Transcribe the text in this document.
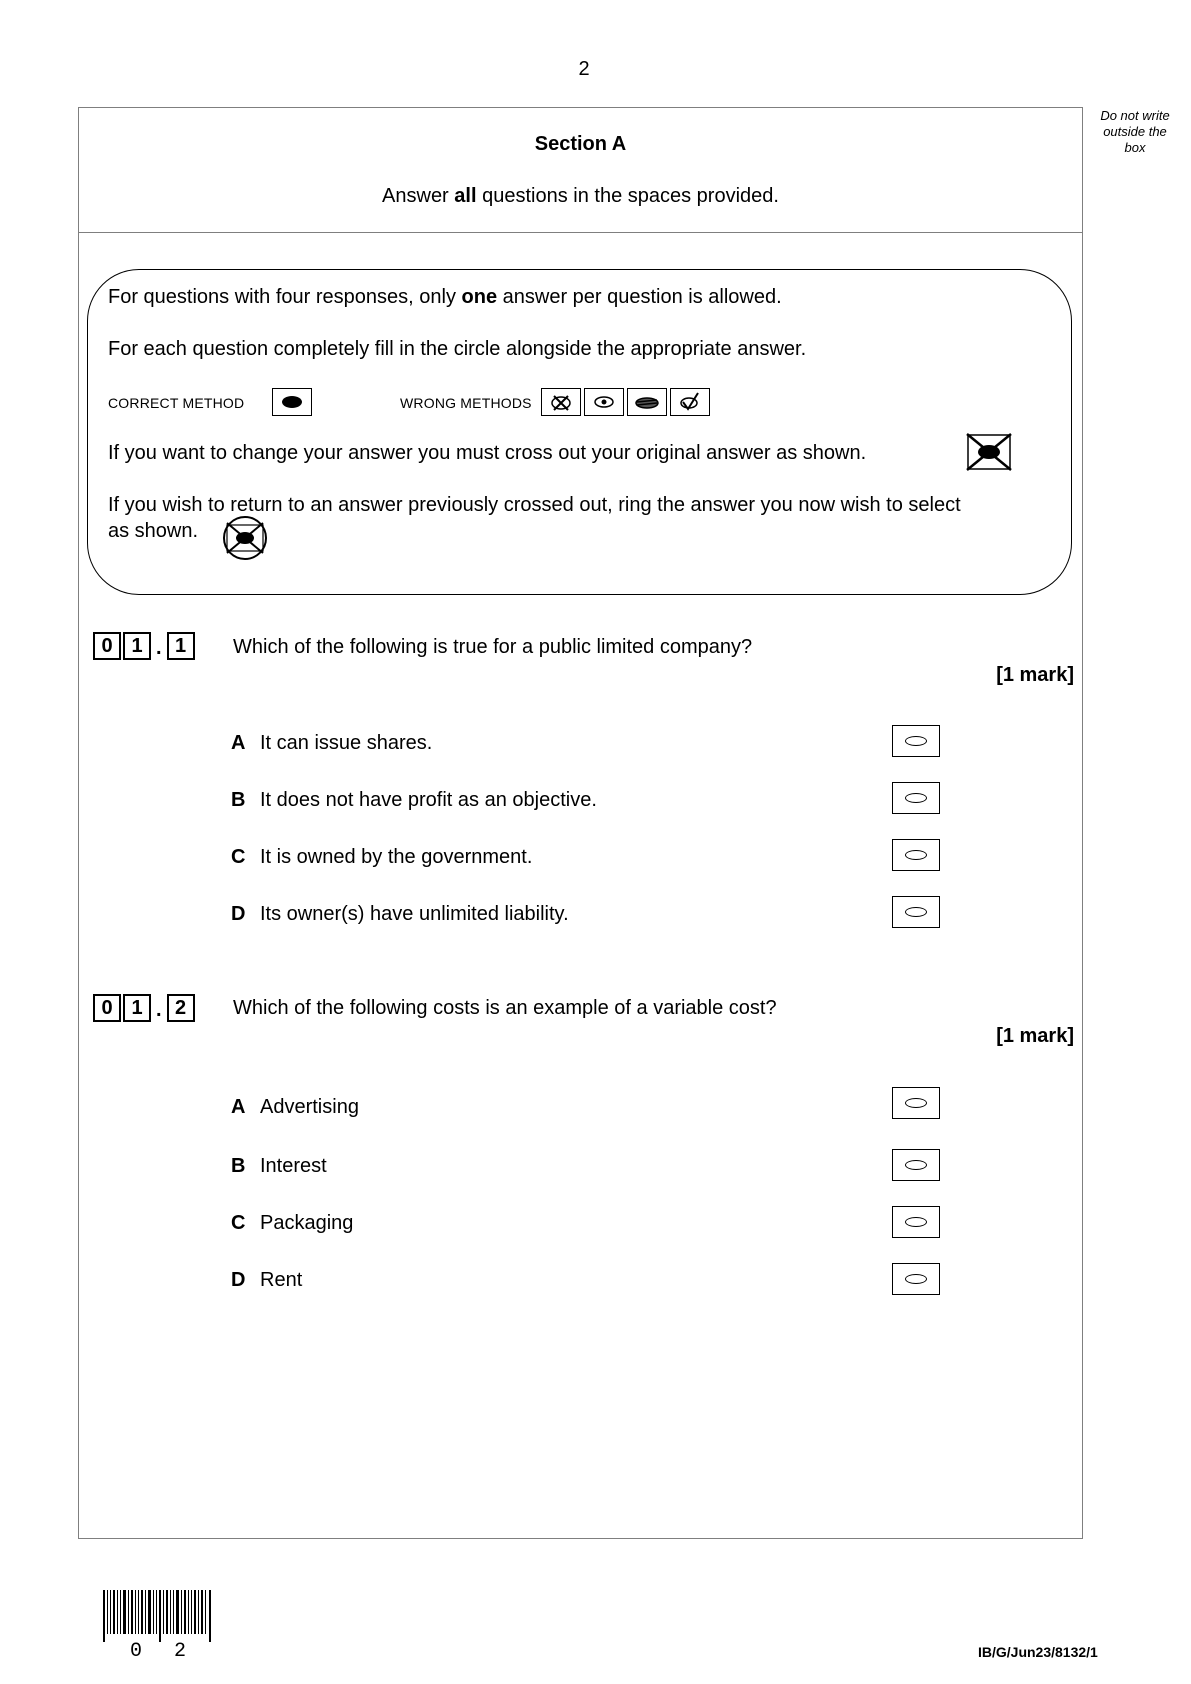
2
Do not write
outside the
box
Section A
Answer all questions in the spaces provided.
For questions with four responses, only one answer per question is allowed.
For each question completely fill in the circle alongside the appropriate answer.
CORRECT METHOD	WRONG METHODS
If you want to change your answer you must cross out your original answer as shown.
If you wish to return to an answer previously crossed out, ring the answer you now wish to select
as shown.
0 1 . 1	Which of the following is true for a public limited company?
[1 mark]
A It can issue shares.
B It does not have profit as an objective.
C It is owned by the government.
D Its owner(s) have unlimited liability.
0 1 . 2	Which of the following costs is an example of a variable cost?
[1 mark]
A Advertising
B Interest
C Packaging
D Rent
0 2	IB/G/Jun23/8132/1
